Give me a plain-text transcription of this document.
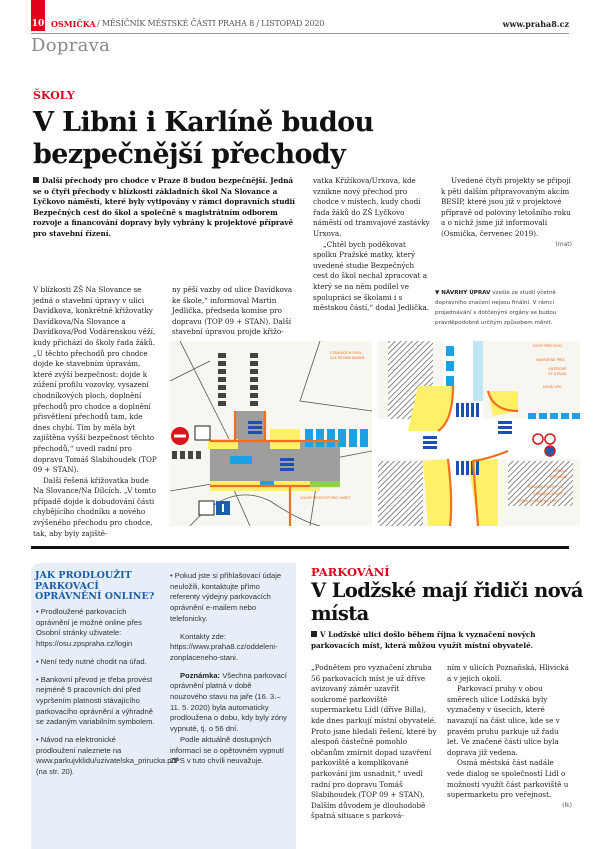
10 OSMIČKA / MĚSÍČNÍK MĚSTSKÉ ČÁSTI PRAHA 8 / LISTOPAD 2020	www.praha8.cz
Doprava
ŠKOLY
V Libni i Karlíně budou bezpečnější přechody
Další přechody pro chodce v Praze 8 budou bezpečnější. Jedná se o čtyři přechody v blízkosti základních škol Na Slovance a Lyčkovo náměstí, které byly vytipovány v rámci dopravních studií Bezpečných cest do škol a společně s magistrátním odborem rozvoje a financování dopravy byly vybrány k projektové přípravě pro stavební řízení.

vatka Křižíkova/Urxova, kde vznikne nový přechod pro chodce v místech, kudy chodí řada žáků do ZŠ Lyčkovo náměstí od tramvajové zastávky Urxova.

„Chtěl bych poděkovat spolku Pražské matky, který uvedené studie Bezpečných cest do škol nechal zpracovat a který se na něm podílel ve spolupráci se školami i s městskou částí,“ dodal Jedlička.

Uvedené čtyři projekty se připojí k pěti dalším připravovaným akcím BESIP, které jsou již v projektové přípravě od poloviny letošního roku a o nichž jsme již informovali (Osmička, červenec 2019).

(mat)

V blízkosti ZŠ Na Slovance se jedná o stavební úpravy v ulici Davídkova, konkrétně křižovatky Davídkova/Na Slovance a Davídkova/Pod Vodárenskou věží, kudy přichází do školy řada žáků. „U těchto přechodů pro chodce dojde ke stavebním úpravám, které zvýší bezpečnost: dojde k zúžení profilu vozovky, vysazení chodníkových ploch, doplnění přechodů pro chodce a doplnění přisvětlení přechodů tam, kde dnes chybí. Tím by měla být zajištěna vyšší bezpečnost těchto přechodů,“ uvedl radní pro dopravu Tomáš Slabihoudek (TOP 09 + STAN).

Další řešená křižovatka bude Na Slovance/Na Dílcích. „V tomto případě dojde k dobudování části chybějícího chodníku a nového zvýšeného přechodu pro chodce, tak, aby byly zajiště-

ny pěší vazby od ulice Davídkova ke škole,“ informoval Martin Jedlička, předseda komise pro dopravu (TOP 09 + STAN). Další stavební úpravou projde křižo-

▼ NÁVRHY ÚPRAV vzešlé ze studií včetně dopravního značení nejsou finální. V rámci projednávání s dotčenými orgány se budou pravděpodobně určitým způsobem měnit.
STÁVAJÍCÍCH OVOL
DLE ŘEŠENÍ RAMEN
VOLNÝ PROSTOR PRO UMÍST
NOVÝ PŘECHOD
NAVRŽENÉ PŘIS
VJEZDOVÉ
VE STÁVAJ
NOVÁ VPU
ÚPRAVA
PROJÍŽDĚ
STÁVAJÍCÍ SLOUP VC
STÁVAJÍCÍ VPUSŤ K
NOVÁ VYSAZENÁ CHO
JAK PRODLOUŽIT PARKOVACÍ OPRÁVNĚNÍ ONLINE?

• Prodloužené parkovacích oprávnění je možné online přes Osobní stránky uživatele: https://osu.zpspraha.cz/login

• Není tedy nutné chodit na úřad.

• Bankovní převod je třeba provést nejméně 5 pracovních dní před vypršením platnosti stávajícího parkovacího oprávnění a výhradně se zadaným variabilním symbolem.

• Návod na elektronické prodloužení naleznete na www.parkujvklidu/uzivatelska_prirucka.pdf (na str. 20).

• Pokud jste si přihlašovací údaje neuložili, kontaktujte přímo referenty výdejny parkovacích oprávnění e-mailem nebo telefonicky.

Kontakty zde: https://www.praha8.cz/oddeleni-zonplaceneho-stani.

Poznámka: Všechna parkovací oprávnění platná v době nouzového stavu na jaře (16. 3.–11. 5. 2020) byla automaticky prodloužena o dobu, kdy byly zóny vypnuté, tj. o 56 dní.

Podle aktuálně dostupných informací se o opětovném vypnutí ZPS v tuto chvíli neuvažuje.

PARKOVÁNÍ
V Lodžské mají řidiči nová místa
V Lodžské ulici došlo během října k vyznačení nových parkovacích míst, která můžou využít místní obyvatelé.

„Podnětem pro vyznačení zhruba 56 parkovacích míst je už dříve avizovaný záměr uzavřít soukromé parkoviště supermarketu Lidl (dříve Billa), kde dnes parkují místní obyvatelé. Proto jsme hledali řešení, které by alespoň částečně pomohlo občanům zmírnit dopad uzavření parkoviště a komplikované parkování jim usnadnit,“ uvedl radní pro dopravu Tomáš Slabihoudek (TOP 09 + STAN). Dalším důvodem je dlouhodobě špatná situace s parková-

ním v ulicích Poznaňská, Hlivická a v jejich okolí.

Parkovací pruhy v obou směrech ulice Lodžská byly vyznačeny v úsecích, které navazují na část ulice, kde se v pravém pruhu parkuje už řadu let. Ve značené části ulice byla doprava již vedena.

Osmá městská část nadále vede dialog se společností Lidl o možnosti využít část parkoviště u supermarketu pro veřejnost.

(lk)
